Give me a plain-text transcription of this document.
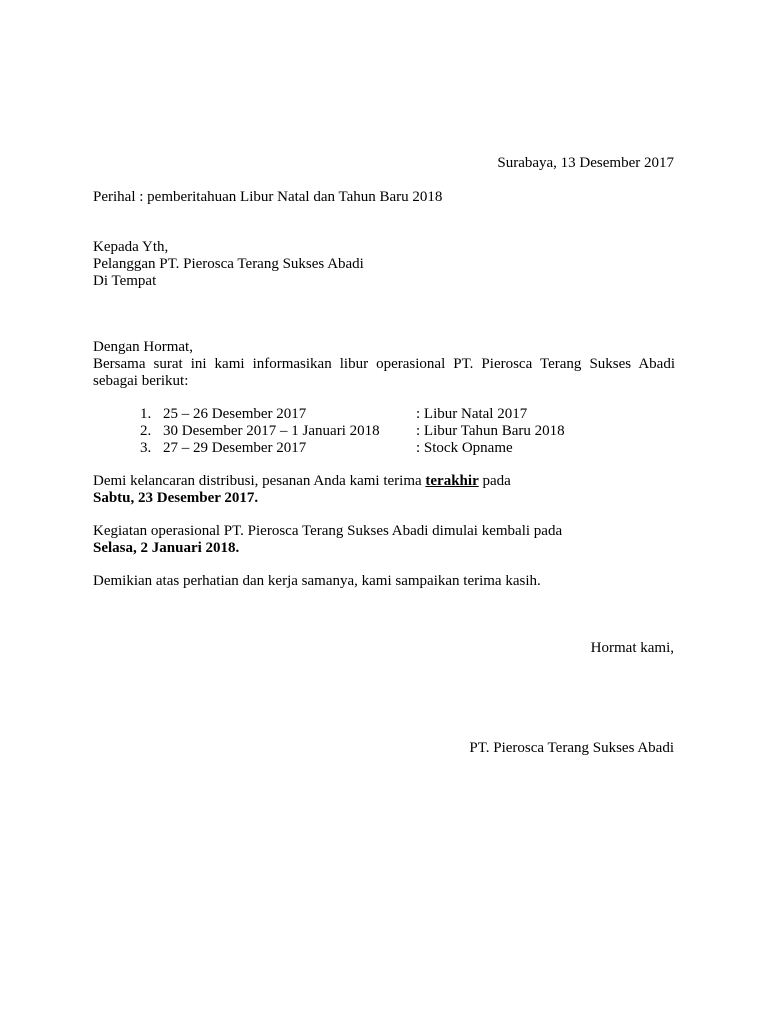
Surabaya, 13 Desember 2017
Perihal : pemberitahuan Libur Natal dan Tahun Baru 2018
Kepada Yth,
Pelanggan PT. Pierosca Terang Sukses Abadi
Di Tempat
Dengan Hormat,
Bersama surat ini kami informasikan libur operasional PT. Pierosca Terang Sukses Abadi
sebagai berikut:
1. 25 – 26 Desember 2017	: Libur Natal 2017
2. 30 Desember 2017 – 1 Januari 2018 : Libur Tahun Baru 2018
3. 27 – 29 Desember 2017	: Stock Opname
Demi kelancaran distribusi, pesanan Anda kami terima terakhir pada
Sabtu, 23 Desember 2017.
Kegiatan operasional PT. Pierosca Terang Sukses Abadi dimulai kembali pada
Selasa, 2 Januari 2018.
Demikian atas perhatian dan kerja samanya, kami sampaikan terima kasih.
Hormat kami,
PT. Pierosca Terang Sukses Abadi
